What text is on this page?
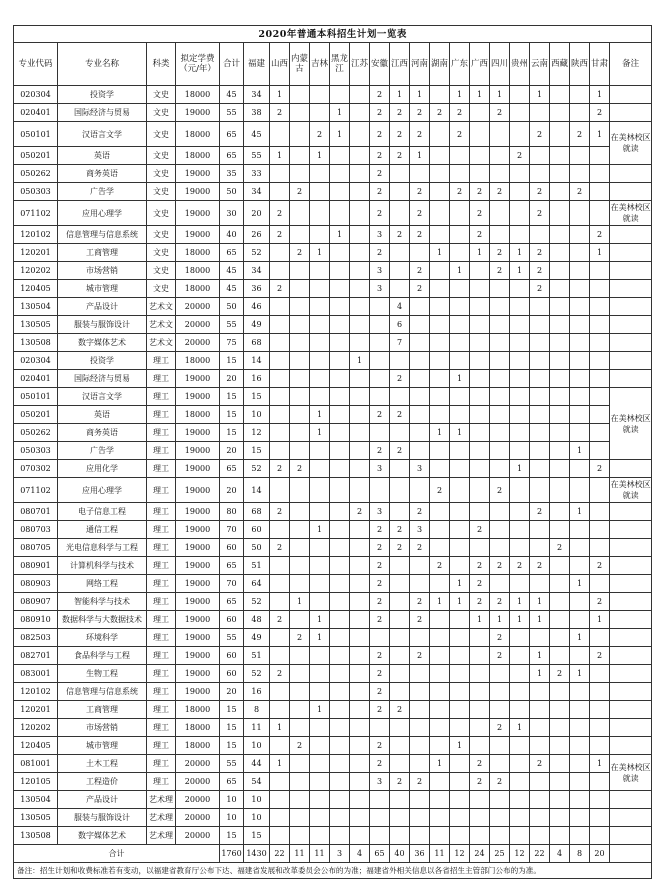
2020年普通本科招生计划一览表																							
专业代码	专业名称	科类	拟定学费（元/年）	合计	福建	山西	内蒙古	吉林	黑龙江	江苏	安徽	江西	河南	湖南	广东	广西	四川	贵州	云南	西藏	陕西	甘肃	备注
020304	投资学	文史	18000	45	34	1					2	1	1		1	1	1		1			1	
020401	国际经济与贸易	文史	19000	55	38	2			1		2	2	2	2	2		2					2	
050101	汉语言文学	文史	18000	65	45			2	1		2	2	2		2				2		2	1	在美林校区就读
050201	英语	文史	18000	65	55	1		1			2	2	1					2					
050262	商务英语	文史	19000	35	33						2												
050303	广告学	文史	19000	50	34		2				2		2		2	2	2		2		2		
071102	应用心理学	文史	19000	30	20	2					2		2			2			2				在美林校区就读
120102	信息管理与信息系统	文史	19000	40	26	2			1		3	2	2			2						2	
120201	工商管理	文史	18000	65	52		2	1			2			1		1	2	1	2			1	
120202	市场营销	文史	18000	45	34						3		2		1		2	1	2				
120405	城市管理	文史	18000	45	36	2					3		2						2				
130504	产品设计	艺术文	20000	50	46							4											
130505	服装与服饰设计	艺术文	20000	55	49							6											
130508	数字媒体艺术	艺术文	20000	75	68							7											
020304	投资学	理工	18000	15	14					1													
020401	国际经济与贸易	理工	19000	20	16							2			1								
050101	汉语言文学	理工	19000	15	15																		在美林校区就读
050201	英语	理工	18000	15	10			1			2	2											
050262	商务英语	理工	19000	15	12			1						1	1								
050303	广告学	理工	19000	20	15						2	2									1		
070302	应用化学	理工	19000	65	52	2	2				3		3					1				2	
071102	应用心理学	理工	19000	20	14									2			2						在美林校区就读
080701	电子信息工程	理工	19000	80	68	2				2	3		2						2		1		
080703	通信工程	理工	19000	70	60			1			2	2	3			2							
080705	光电信息科学与工程	理工	19000	60	50	2					2	2	2							2			
080901	计算机科学与技术	理工	19000	65	51						2			2		2	2	2	2			2	
080903	网络工程	理工	19000	70	64						2				1	2					1		
080907	智能科学与技术	理工	19000	65	52		1				2		2	1	1	2	2	1	1			2	
080910	数据科学与大数据技术	理工	19000	60	48	2		1			2		2			1	1	1	1			1	
082503	环境科学	理工	19000	55	49		2	1									2				1		
082701	食品科学与工程	理工	19000	60	51						2		2				2		1			2	
083001	生物工程	理工	19000	60	52	2					2								1	2	1		
120102	信息管理与信息系统	理工	19000	20	16						2												
120201	工商管理	理工	18000	15	8			1			2	2											
120202	市场营销	理工	18000	15	11	1											2	1					
120405	城市管理	理工	18000	15	10		2				2				1								
081001	土木工程	理工	20000	55	44	1					2			1		2			2			1	在美林校区就读
120105	工程造价	理工	20000	65	54						3	2	2			2	2						
130504	产品设计	艺术理	20000	10	10																		
130505	服装与服饰设计	艺术理	20000	10	10																		
130508	数字媒体艺术	艺术理	20000	15	15																		
合计				1760	1430	22	11	11	3	4	65	40	36	11	12	24	25	12	22	4	8	20	
备注：招生计划和收费标准若有变动，以福建省教育厅公布下达、福建省发展和改革委员会公布的为准；福建省外相关信息以各省招生主管部门公布的为准。																							
